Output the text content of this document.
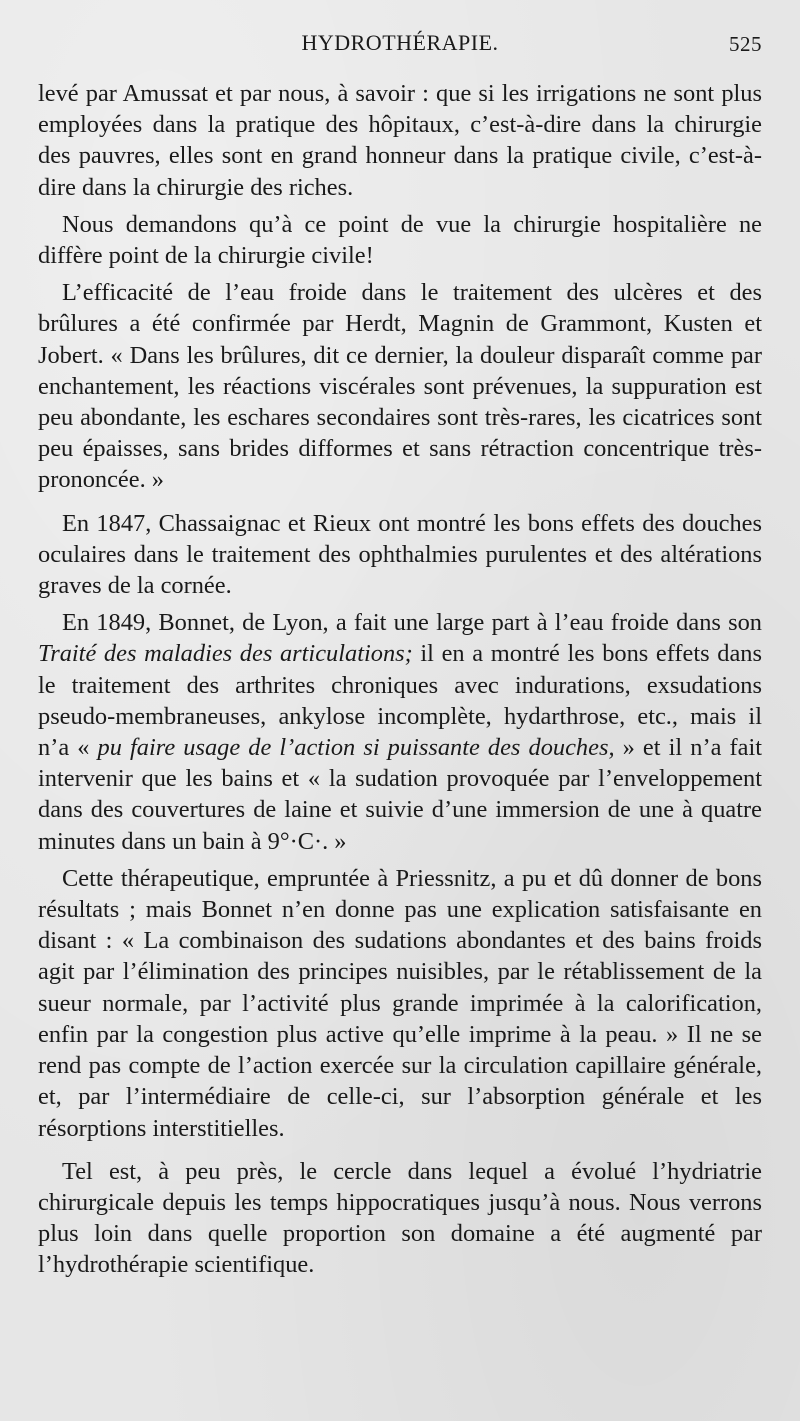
HYDROTHÉRAPIE.	525

levé par Amussat et par nous, à savoir : que si les irrigations ne sont plus employées dans la pratique des hôpitaux, c’est-à-dire dans la chirurgie des pauvres, elles sont en grand honneur dans la pratique civile, c’est-à-dire dans la chirurgie des riches.

Nous demandons qu’à ce point de vue la chirurgie hospitalière ne diffère point de la chirurgie civile!

L’efficacité de l’eau froide dans le traitement des ulcères et des brûlures a été confirmée par Herdt, Magnin de Grammont, Kusten et Jobert. « Dans les brûlures, dit ce dernier, la douleur disparaît comme par enchantement, les réactions viscérales sont prévenues, la suppuration est peu abondante, les eschares secondaires sont très-rares, les cicatrices sont peu épaisses, sans brides difformes et sans rétraction concentrique très-prononcée. »

En 1847, Chassaignac et Rieux ont montré les bons effets des douches oculaires dans le traitement des ophthalmies purulentes et des altérations graves de la cornée.

En 1849, Bonnet, de Lyon, a fait une large part à l’eau froide dans son Traité des maladies des articulations; il en a montré les bons effets dans le traitement des arthrites chroniques avec indurations, exsudations pseudo-membraneuses, ankylose incomplète, hydarthrose, etc., mais il n’a « pu faire usage de l’action si puissante des douches, » et il n’a fait intervenir que les bains et « la sudation provoquée par l’enveloppement dans des couvertures de laine et suivie d’une immersion de une à quatre minutes dans un bain à 9°·C·. »

Cette thérapeutique, empruntée à Priessnitz, a pu et dû donner de bons résultats ; mais Bonnet n’en donne pas une explication satisfaisante en disant : « La combinaison des sudations abondantes et des bains froids agit par l’élimination des principes nuisibles, par le rétablissement de la sueur normale, par l’activité plus grande imprimée à la calorification, enfin par la congestion plus active qu’elle imprime à la peau. » Il ne se rend pas compte de l’action exercée sur la circulation capillaire générale, et, par l’intermédiaire de celle-ci, sur l’absorption générale et les résorptions interstitielles.

Tel est, à peu près, le cercle dans lequel a évolué l’hydriatrie chirurgicale depuis les temps hippocratiques jusqu’à nous. Nous verrons plus loin dans quelle proportion son domaine a été augmenté par l’hydrothérapie scientifique.
